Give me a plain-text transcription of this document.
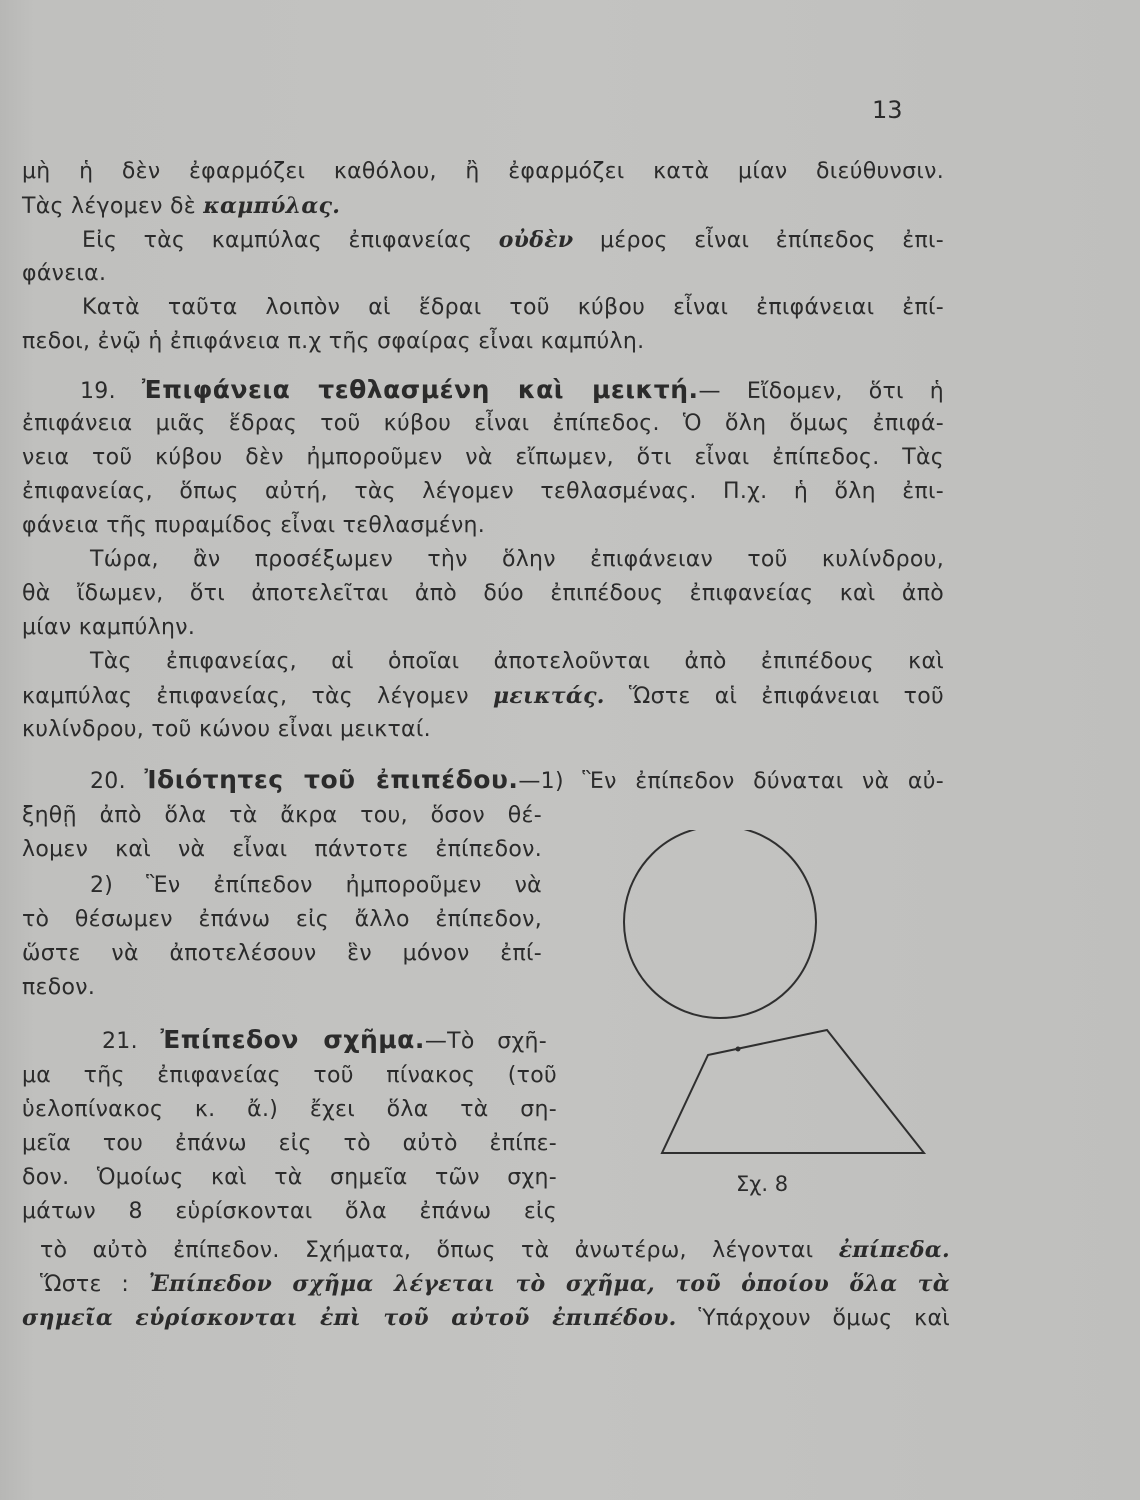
13
μὴ ἡ δὲν ἐφαρμόζει καθόλου, ἢ ἐφαρμόζει κατὰ μίαν διεύθυνσιν.
Τὰς λέγομεν δὲ καμπύλας.
Εἰς τὰς καμπύλας ἐπιφανείας οὐδὲν μέρος εἶναι ἐπίπεδος ἐπι-
φάνεια.
Κατὰ ταῦτα λοιπὸν αἱ ἕδραι τοῦ κύβου εἶναι ἐπιφάνειαι ἐπί-
πεδοι, ἐνῷ ἡ ἐπιφάνεια π.χ τῆς σφαίρας εἶναι καμπύλη.
19. Ἐπιφάνεια τεθλασμένη καὶ μεικτή.— Εἴδομεν, ὅτι ἡ
ἐπιφάνεια μιᾶς ἕδρας τοῦ κύβου εἶναι ἐπίπεδος. Ὁ ὅλη ὅμως ἐπιφά-
νεια τοῦ κύβου δὲν ἠμποροῦμεν νὰ εἴπωμεν, ὅτι εἶναι ἐπίπεδος. Τὰς
ἐπιφανείας, ὅπως αὐτή, τὰς λέγομεν τεθλασμένας. Π.χ. ἡ ὅλη ἐπι-
φάνεια τῆς πυραμίδος εἶναι τεθλασμένη.
Τώρα, ἂν προσέξωμεν τὴν ὅλην ἐπιφάνειαν τοῦ κυλίνδρου,
θὰ ἴδωμεν, ὅτι ἀποτελεῖται ἀπὸ δύο ἐπιπέδους ἐπιφανείας καὶ ἀπὸ
μίαν καμπύλην.
Τὰς ἐπιφανείας, αἱ ὁποῖαι ἀποτελοῦνται ἀπὸ ἐπιπέδους καὶ
καμπύλας ἐπιφανείας, τὰς λέγομεν μεικτάς. Ὥστε αἱ ἐπιφάνειαι τοῦ
κυλίνδρου, τοῦ κώνου εἶναι μεικταί.
20. Ἰδιότητες τοῦ ἐπιπέδου.—1) Ἓν ἐπίπεδον δύναται νὰ αὐ-
ξηθῇ ἀπὸ ὅλα τὰ ἄκρα του, ὅσον θέ-
λομεν καὶ νὰ εἶναι πάντοτε ἐπίπεδον.
2) Ἓν ἐπίπεδον ἠμποροῦμεν νὰ
τὸ θέσωμεν ἐπάνω εἰς ἄλλο ἐπίπεδον,
ὥστε νὰ ἀποτελέσουν ἓν μόνον ἐπί-
πεδον.
21. Ἐπίπεδον σχῆμα.—Τὸ σχῆ-
μα τῆς ἐπιφανείας τοῦ πίνακος (τοῦ
ὑελοπίνακος κ. ἄ.) ἔχει ὅλα τὰ ση-
μεῖα του ἐπάνω εἰς τὸ αὐτὸ ἐπίπε-
δον. Ὁμοίως καὶ τὰ σημεῖα τῶν σχη-
μάτων 8 εὑρίσκονται ὅλα ἐπάνω εἰς
τὸ αὐτὸ ἐπίπεδον. Σχήματα, ὅπως τὰ ἀνωτέρω, λέγονται ἐπίπεδα.
Ὥστε : Ἐπίπεδον σχῆμα λέγεται τὸ σχῆμα, τοῦ ὁποίου ὅλα τὰ
σημεῖα εὑρίσκονται ἐπὶ τοῦ αὐτοῦ ἐπιπέδου. Ὑπάρχουν ὅμως καὶ
Σχ. 8
